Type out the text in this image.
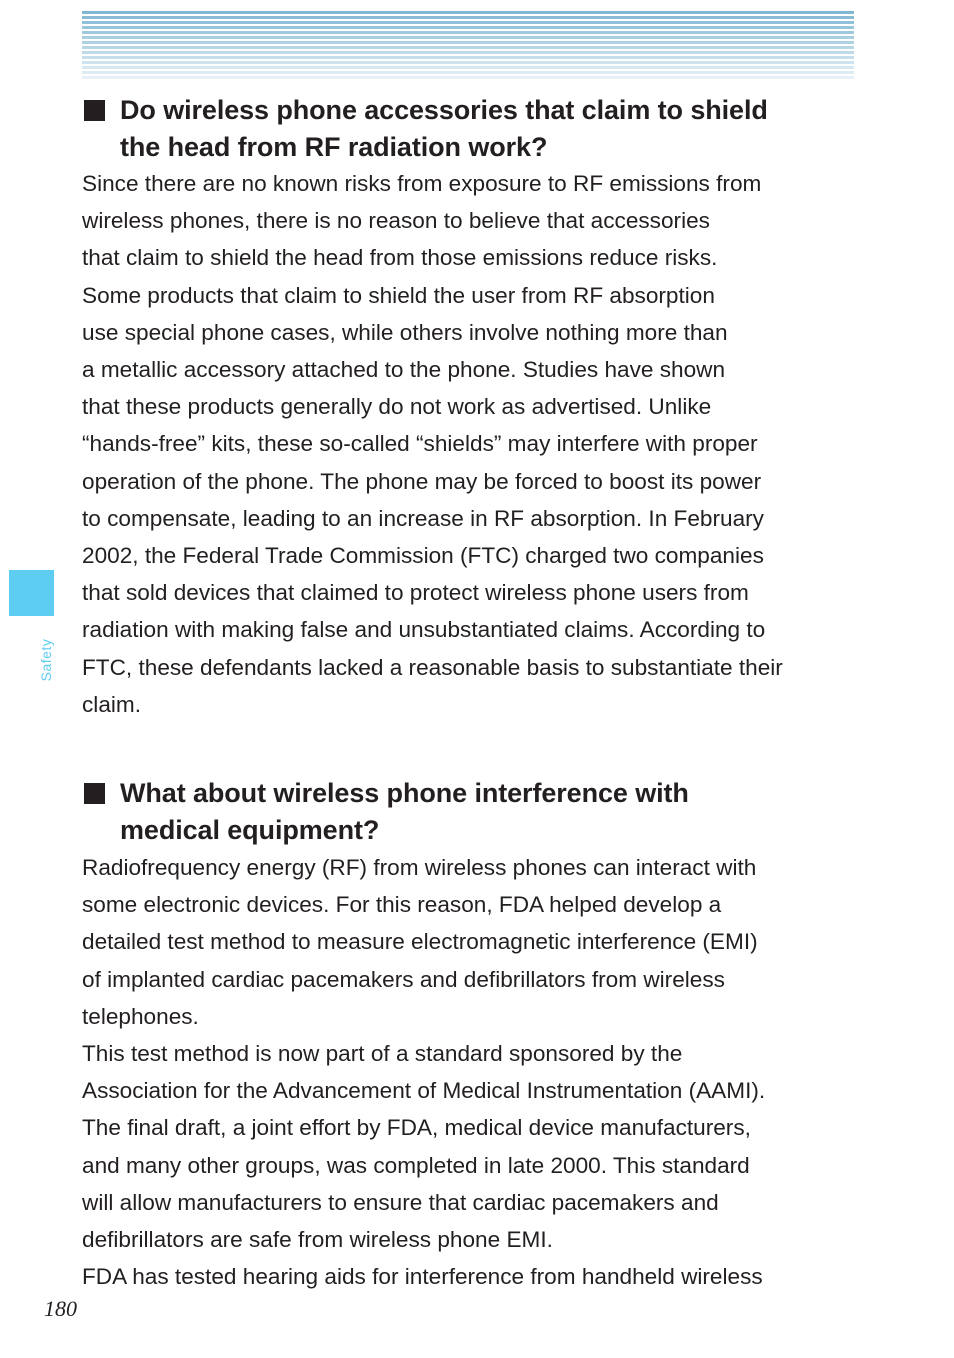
Safety
Do wireless phone accessories that claim to shield
the head from RF radiation work?
Since there are no known risks from exposure to RF emissions from
wireless phones, there is no reason to believe that accessories
that claim to shield the head from those emissions reduce risks.
Some products that claim to shield the user from RF absorption
use special phone cases, while others involve nothing more than
a metallic accessory attached to the phone. Studies have shown
that these products generally do not work as advertised. Unlike
“hands-free” kits, these so-called “shields” may interfere with proper
operation of the phone. The phone may be forced to boost its power
to compensate, leading to an increase in RF absorption. In February
2002, the Federal Trade Commission (FTC) charged two companies
that sold devices that claimed to protect wireless phone users from
radiation with making false and unsubstantiated claims. According to
FTC, these defendants lacked a reasonable basis to substantiate their
claim.
What about wireless phone interference with
medical equipment?
Radiofrequency energy (RF) from wireless phones can interact with
some electronic devices. For this reason, FDA helped develop a
detailed test method to measure electromagnetic interference (EMI)
of implanted cardiac pacemakers and defibrillators from wireless
telephones.
This test method is now part of a standard sponsored by the
Association for the Advancement of Medical Instrumentation (AAMI).
The final draft, a joint effort by FDA, medical device manufacturers,
and many other groups, was completed in late 2000. This standard
will allow manufacturers to ensure that cardiac pacemakers and
defibrillators are safe from wireless phone EMI.
FDA has tested hearing aids for interference from handheld wireless
180
